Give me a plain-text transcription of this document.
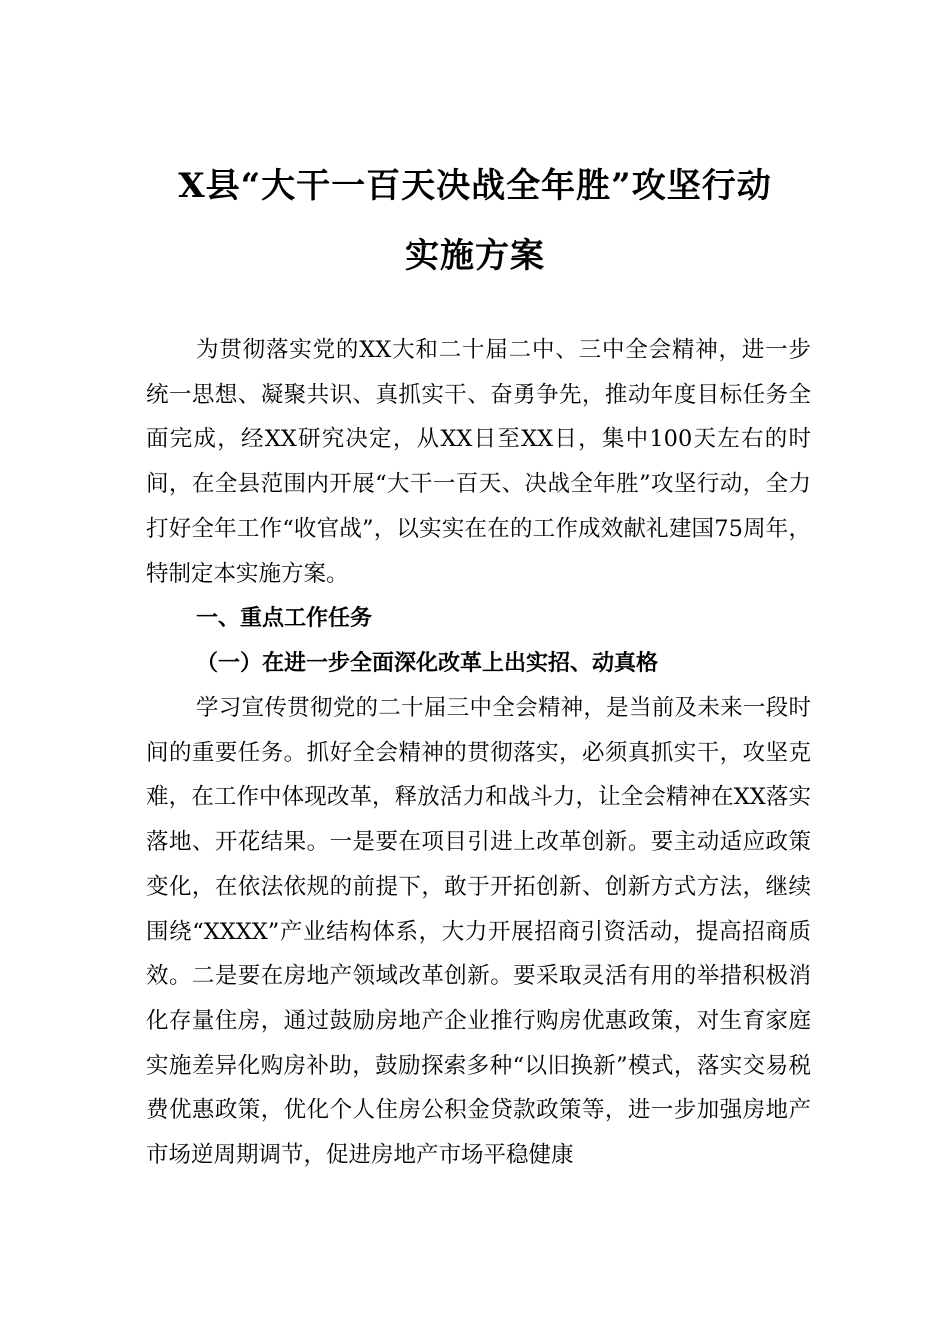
X县“大干一百天决战全年胜”攻坚行动
实施方案

为贯彻落实党的XX大和二十届二中、三中全会精神，进一步统一思想、凝聚共识、真抓实干、奋勇争先，推动年度目标任务全面完成，经XX研究决定，从XX日至XX日，集中100天左右的时间，在全县范围内开展“大干一百天、决战全年胜”攻坚行动，全力打好全年工作“收官战”，以实实在在的工作成效献礼建国75周年，特制定本实施方案。

一、重点工作任务
（一）在进一步全面深化改革上出实招、动真格

学习宣传贯彻党的二十届三中全会精神，是当前及未来一段时间的重要任务。抓好全会精神的贯彻落实，必须真抓实干，攻坚克难，在工作中体现改革，释放活力和战斗力，让全会精神在XX落实落地、开花结果。一是要在项目引进上改革创新。要主动适应政策变化，在依法依规的前提下，敢于开拓创新、创新方式方法，继续围绕“XXXX”产业结构体系，大力开展招商引资活动，提高招商质效。二是要在房地产领域改革创新。要采取灵活有用的举措积极消化存量住房，通过鼓励房地产企业推行购房优惠政策，对生育家庭实施差异化购房补助，鼓励探索多种“以旧换新”模式，落实交易税费优惠政策，优化个人住房公积金贷款政策等，进一步加强房地产市场逆周期调节，促进房地产市场平稳健康
